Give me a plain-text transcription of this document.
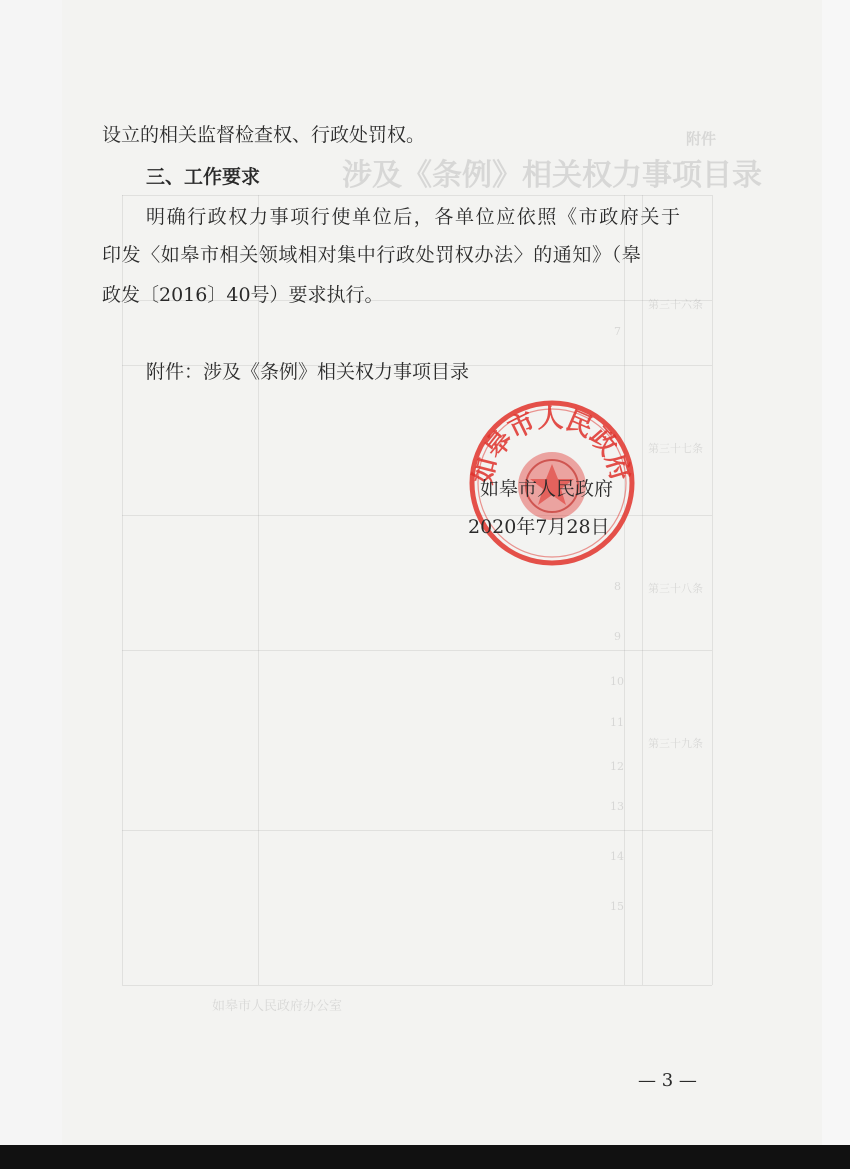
附件
涉及《条例》相关权力事项目录
7
8
9
10
11
12
13
14
15
第三十六条
第三十七条
第三十八条
第三十九条
如皋市人民政府办公室
设立的相关监督检查权、行政处罚权。
三、工作要求
明确行政权力事项行使单位后，各单位应依照《市政府关于
印发〈如皋市相关领域相对集中行政处罚权办法〉的通知》（皋
政发〔2016〕40号）要求执行。
附件：涉及《条例》相关权力事项目录
如皋市人民政府
如皋市人民政府
2020年7月28日
— 3 —
